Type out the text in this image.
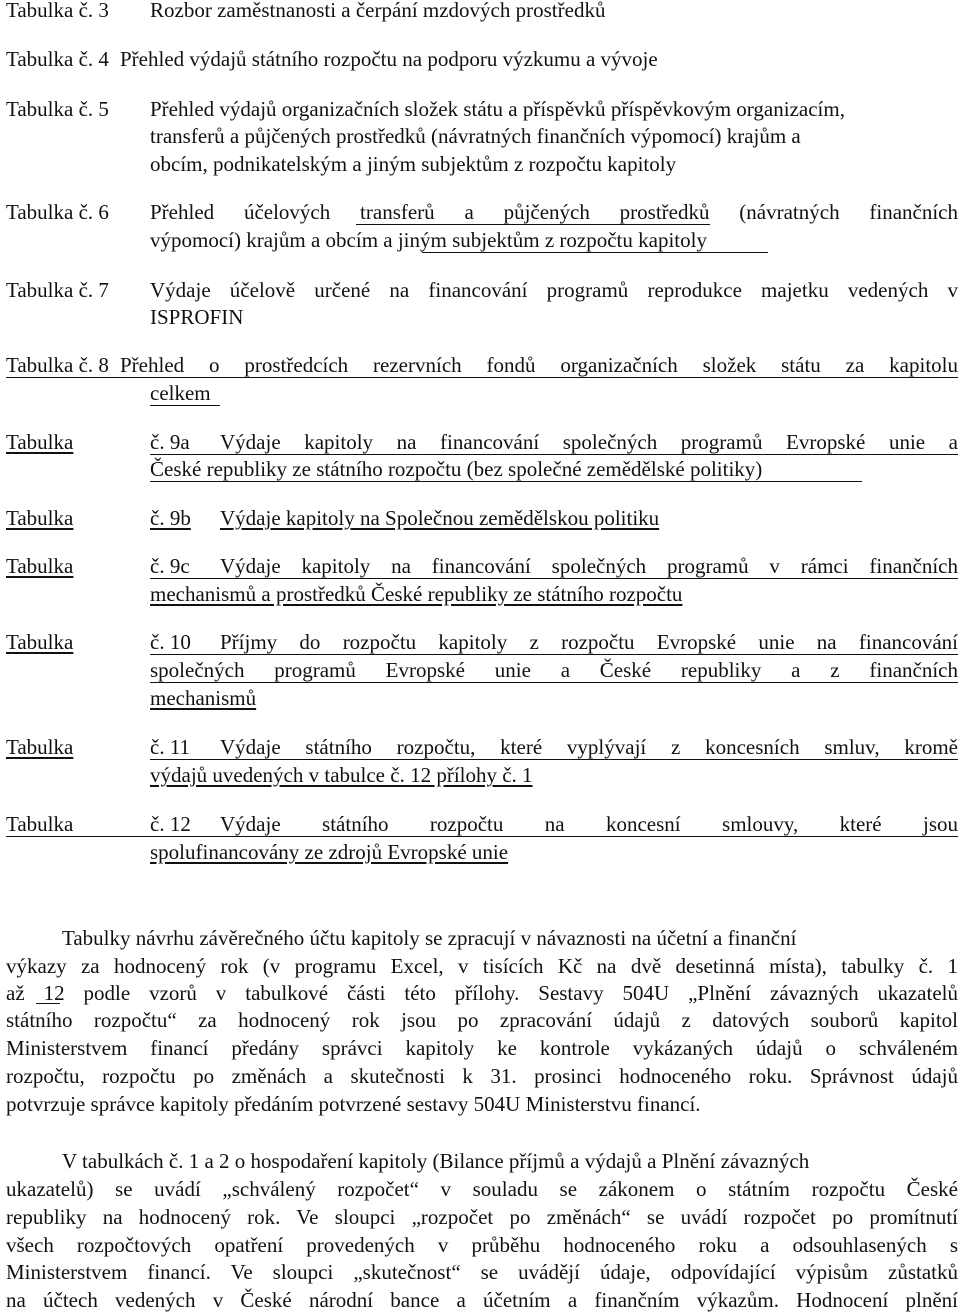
Tabulka č. 3 Rozbor zaměstnanosti a čerpání mzdových prostředků
Tabulka č. 4 Přehled výdajů státního rozpočtu na podporu výzkumu a vývoje
Tabulka č. 5 Přehled výdajů organizačních složek státu a příspěvků příspěvkovým organizacím,
transferů a půjčených prostředků (návratných finančních výpomocí) krajům a
obcím, podnikatelským a jiným subjektům z rozpočtu kapitoly
Tabulka č. 6 Přehled účelových transferů a půjčených prostředků (návratných finančních
výpomocí) krajům a obcím a jiným subjektům z rozpočtu kapitoly
Tabulka č. 7 Výdaje účelově určené na financování programů reprodukce majetku vedených v
ISPROFIN
Tabulka č. 8 Přehled o prostředcích rezervních fondů organizačních složek státu za kapitolu
celkem
Tabulka	č. 9a Výdaje kapitoly na financování společných programů Evropské unie a
České republiky ze státního rozpočtu (bez společné zemědělské politiky)
Tabulka	č. 9b Výdaje kapitoly na Společnou zemědělskou politiku
Tabulka	č. 9c Výdaje kapitoly na financování společných programů v rámci finančních
mechanismů a prostředků České republiky ze státního rozpočtu
Tabulka	č. 10 Příjmy do rozpočtu kapitoly z rozpočtu Evropské unie na financování
společných programů Evropské unie a České republiky a z finančních
mechanismů
Tabulka	č. 11 Výdaje státního rozpočtu, které vyplývají z koncesních smluv, kromě
výdajů uvedených v tabulce č. 12 přílohy č. 1
Tabulka	č. 12 Výdaje státního rozpočtu na koncesní smlouvy, které jsou
spolufinancovány ze zdrojů Evropské unie
Tabulky návrhu závěrečného účtu kapitoly se zpracují v návaznosti na účetní a finanční
výkazy za hodnocený rok (v programu Excel, v tisících Kč na dvě desetinná místa), tabulky č. 1
až 12 podle vzorů v tabulkové části této přílohy. Sestavy 504U „Plnění závazných ukazatelů
státního rozpočtu“ za hodnocený rok jsou po zpracování údajů z datových souborů kapitol
Ministerstvem financí předány správci kapitoly ke kontrole vykázaných údajů o schváleném
rozpočtu, rozpočtu po změnách a skutečnosti k 31. prosinci hodnoceného roku. Správnost údajů
potvrzuje správce kapitoly předáním potvrzené sestavy 504U Ministerstvu financí.
V tabulkách č. 1 a 2 o hospodaření kapitoly (Bilance příjmů a výdajů a Plnění závazných
ukazatelů) se uvádí „schválený rozpočet“ v souladu se zákonem o státním rozpočtu České
republiky na hodnocený rok. Ve sloupci „rozpočet po změnách“ se uvádí rozpočet po promítnutí
všech rozpočtových opatření provedených v průběhu hodnoceného roku a odsouhlasených s
Ministerstvem financí. Ve sloupci „skutečnost“ se uvádějí údaje, odpovídající výpisům zůstatků
na účtech vedených v České národní bance a účetním a finančním výkazům. Hodnocení plnění
